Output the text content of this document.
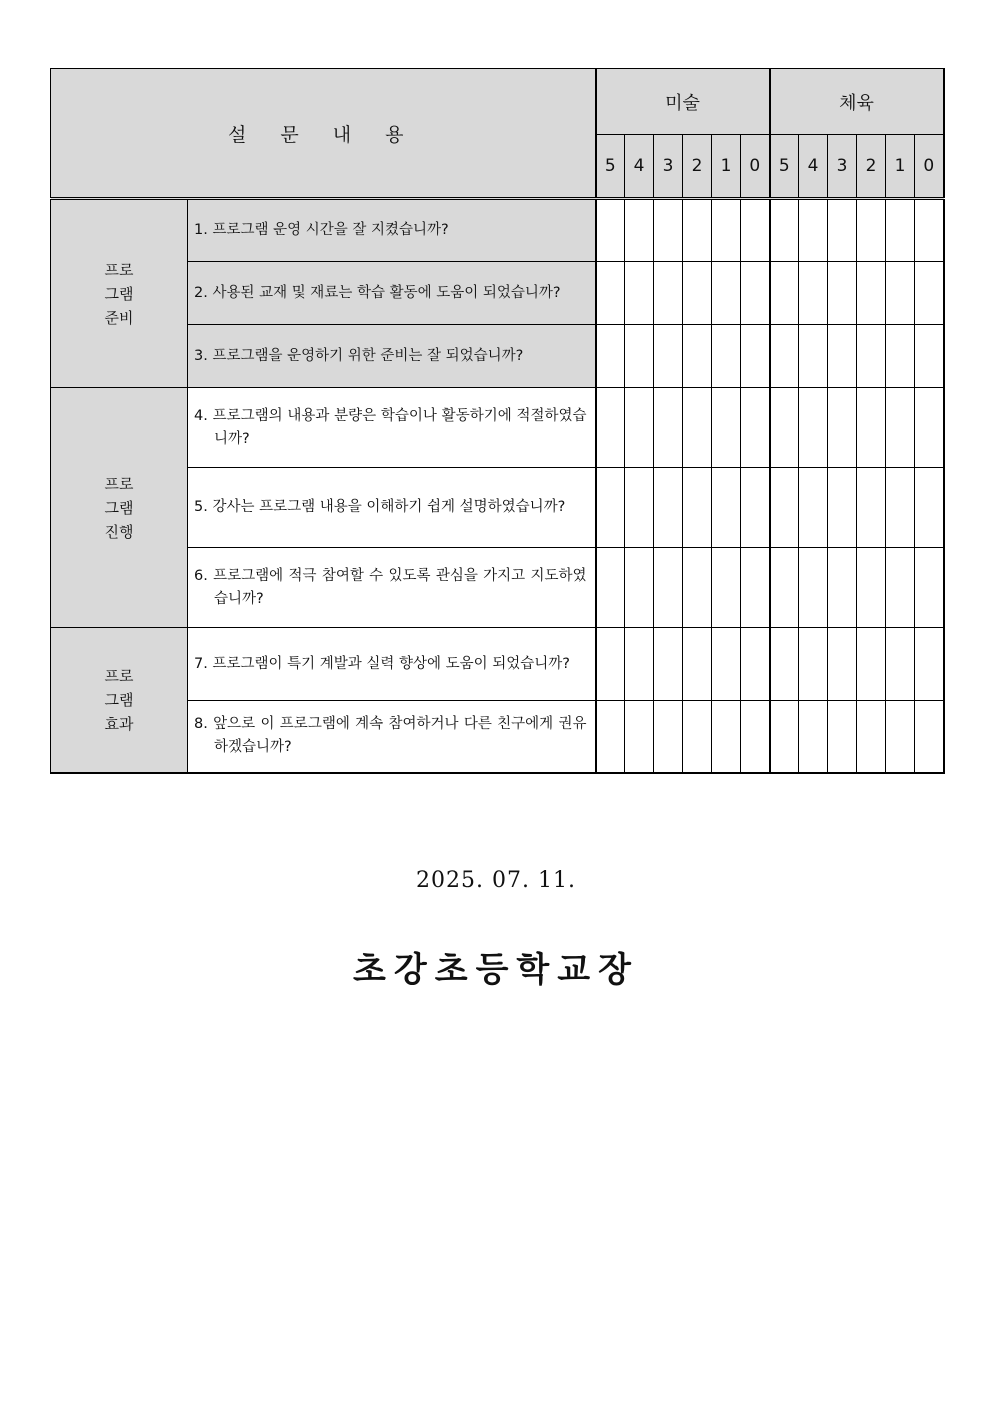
설 문 내 용		미술						체육					
		5	4	3	2	1	0	5	4	3	2	1	0

프로
그램
준비	1. 프로그램 운영 시간을 잘 지켰습니까?												

	2. 사용된 교재 및 재료는 학습 활동에 도움이 되었습니까?												

	3. 프로그램을 운영하기 위한 준비는 잘 되었습니까?												

프로
그램
진행	4. 프로그램의 내용과 분량은 학습이나 활동하기에 적절하였습니까?												

	5. 강사는 프로그램 내용을 이해하기 쉽게 설명하였습니까?												

	6. 프로그램에 적극 참여할 수 있도록 관심을 가지고 지도하였습니까?												

프로
그램
효과	7. 프로그램이 특기 계발과 실력 향상에 도움이 되었습니까?												

	8. 앞으로 이 프로그램에 계속 참여하거나 다른 친구에게 권유하겠습니까?												

2025. 07. 11.
초강초등학교장
